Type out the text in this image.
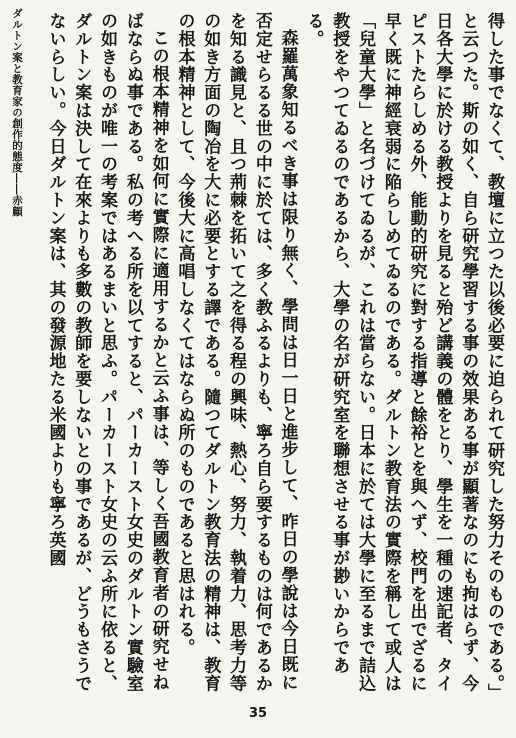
ダルトン案と教育家の創作的態度――赤顧	得した事でなくて、教壇に立つた以後必要に迫られて研究した努力そのものである。」と云つた。斯の如く、自ら研究學習する事の效果ある事が顯著なのにも拘はらず、今日各大學に於ける教授よりを見ると殆ど講義の體をとり、學生を一種の速記者、タイピストたらしめる外、能動的研究に對する指導と餘裕とを與へず、校門を出でざるに早く既に神經衰弱に陥らしめてゐるのである。ダルトン教育法の實際を稱して或人は「兒童大學」と名づけてゐるが、これは當らない。日本に於ては大學に至るまで詰込教授をやつてゐるのであるから、大學の名が研究室を聯想させる事が尠いからである。

森羅萬象知るべき事は限り無く、學問は日一日と進步して、昨日の學說は今日既に否定せらるる世の中に於ては、多く教ふるよりも、寧ろ自ら要するものは何であるかを知る識見と、且つ荊棘を拓いて之を得る程の興味、熱心、努力、執着力、思考力等の如き方面の陶冶を大に必要とする譯である。隨つてダルトン教育法の精神は、教育の根本精神として、今後大に高唱しなくてはならぬ所のものであると思はれる。

この根本精神を如何に實際に適用するかと云ふ事は、等しく吾國教育者の研究せねばならぬ事である。私の考へる所を以てすると、パーカースト女史のダルトン實驗室の如きものが唯一の考案ではあるまいと思ふ。パーカースト女史の云ふ所に依ると、ダルトン案は決して在來よりも多數の教師を要しないとの事であるが、どうもさうでないらしい。今日ダルトン案は、其の發源地たる米國よりも寧ろ英國

35
